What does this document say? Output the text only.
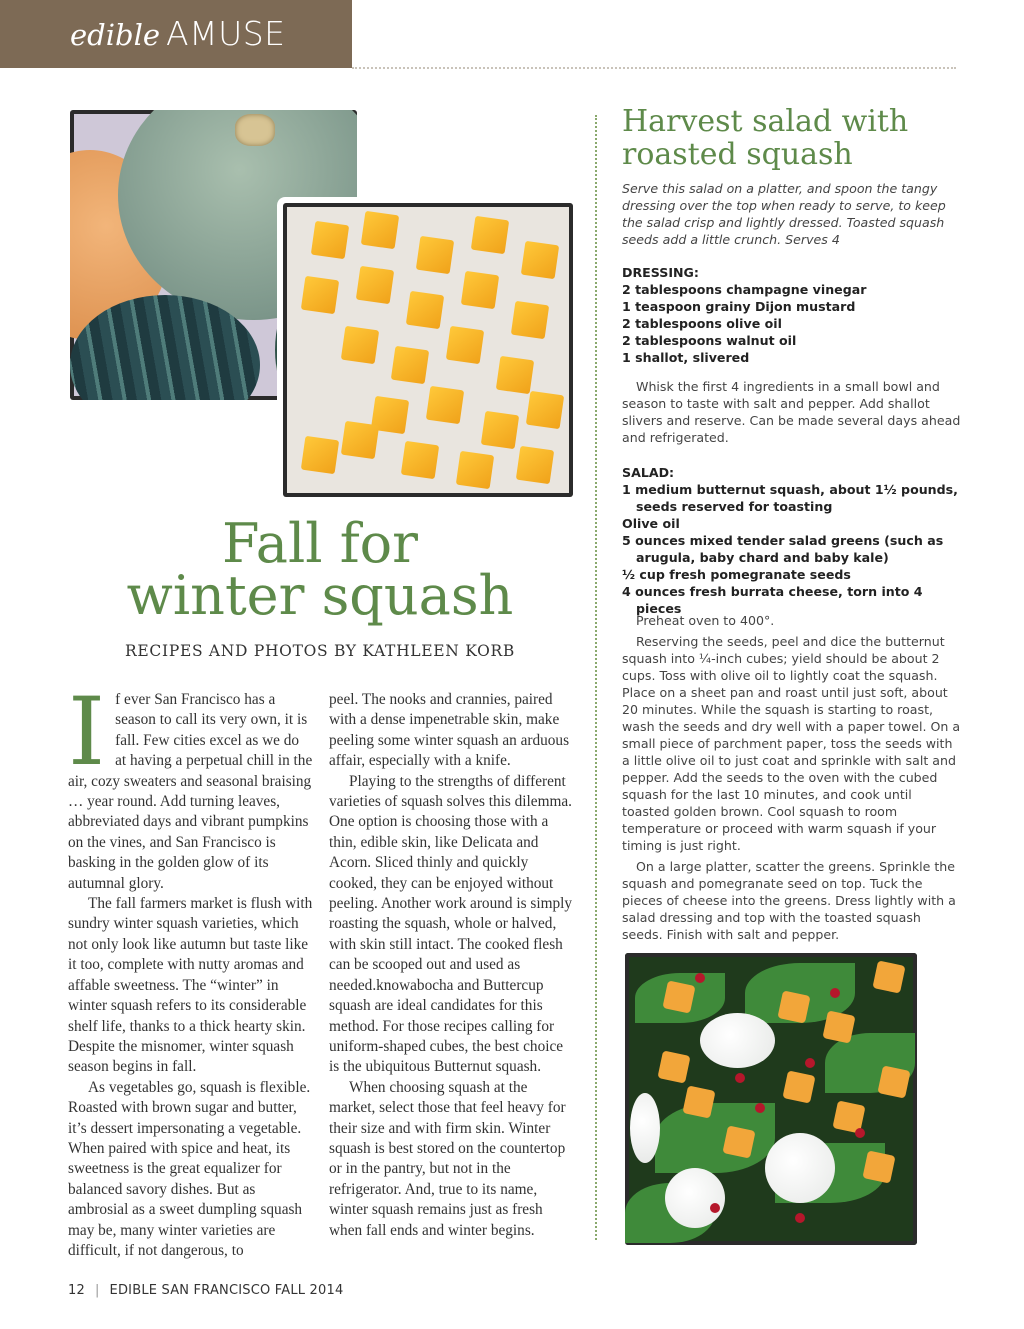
edible AMUSE
Fall for
winter squash
RECIPES AND PHOTOS BY KATHLEEN KORB

If ever San Francisco has a season to call its very own, it is fall. Few cities excel as we do at having a perpetual chill in the air, cozy sweaters and seasonal braising … year round. Add turning leaves, abbreviated days and vibrant pumpkins on the vines, and San Francisco is basking in the golden glow of its autumnal glory.

The fall farmers market is flush with sundry winter squash varieties, which not only look like autumn but taste like it too, complete with nutty aromas and affable sweetness. The “winter” in winter squash refers to its considerable shelf life, thanks to a thick hearty skin. Despite the misnomer, winter squash season begins in fall.

As vegetables go, squash is flexible. Roasted with brown sugar and butter, it’s dessert impersonating a vegetable. When paired with spice and heat, its sweetness is the great equalizer for balanced savory dishes. But as ambrosial as a sweet dumpling squash may be, many winter varieties are difficult, if not dangerous, to

peel. The nooks and crannies, paired with a dense impenetrable skin, make peeling some winter squash an arduous affair, especially with a knife.

Playing to the strengths of different varieties of squash solves this dilemma. One option is choosing those with a thin, edible skin, like Delicata and Acorn. Sliced thinly and quickly cooked, they can be enjoyed without peeling. Another work around is simply roasting the squash, whole or halved, with skin still intact. The cooked flesh can be scooped out and used as needed.knowabocha and Buttercup squash are ideal candidates for this method. For those recipes calling for uniform-shaped cubes, the best choice is the ubiquitous Butternut squash.

When choosing squash at the market, select those that feel heavy for their size and with firm skin. Winter squash is best stored on the countertop or in the pantry, but not in the refrigerator. And, true to its name, winter squash remains just as fresh when fall ends and winter begins.

Harvest salad with roasted squash
Serve this salad on a platter, and spoon the tangy dressing over the top when ready to serve, to keep the salad crisp and lightly dressed. Toasted squash seeds add a little crunch. Serves 4
DRESSING:
2 tablespoons champagne vinegar
1 teaspoon grainy Dijon mustard
2 tablespoons olive oil
2 tablespoons walnut oil
1 shallot, slivered

Whisk the first 4 ingredients in a small bowl and season to taste with salt and pepper. Add shallot slivers and reserve. Can be made several days ahead and refrigerated.

SALAD:
1 medium butternut squash, about 1½ pounds, seeds reserved for toasting
Olive oil
5 ounces mixed tender salad greens (such as arugula, baby chard and baby kale)
½ cup fresh pomegranate seeds
4 ounces fresh burrata cheese, torn into 4 pieces

Preheat oven to 400°.

Reserving the seeds, peel and dice the butternut squash into ¼-inch cubes; yield should be about 2 cups. Toss with olive oil to lightly coat the squash. Place on a sheet pan and roast until just soft, about 20 minutes. While the squash is starting to roast, wash the seeds and dry well with a paper towel. On a small piece of parchment paper, toss the seeds with a little olive oil to just coat and sprinkle with salt and pepper. Add the seeds to the oven with the cubed squash for the last 10 minutes, and cook until toasted golden brown. Cool squash to room temperature or proceed with warm squash if your timing is just right.

On a large platter, scatter the greens. Sprinkle the squash and pomegranate seed on top. Tuck the pieces of cheese into the greens. Dress lightly with a salad dressing and top with the toasted squash seeds. Finish with salt and pepper.

12 | EDIBLE SAN FRANCISCO FALL 2014
